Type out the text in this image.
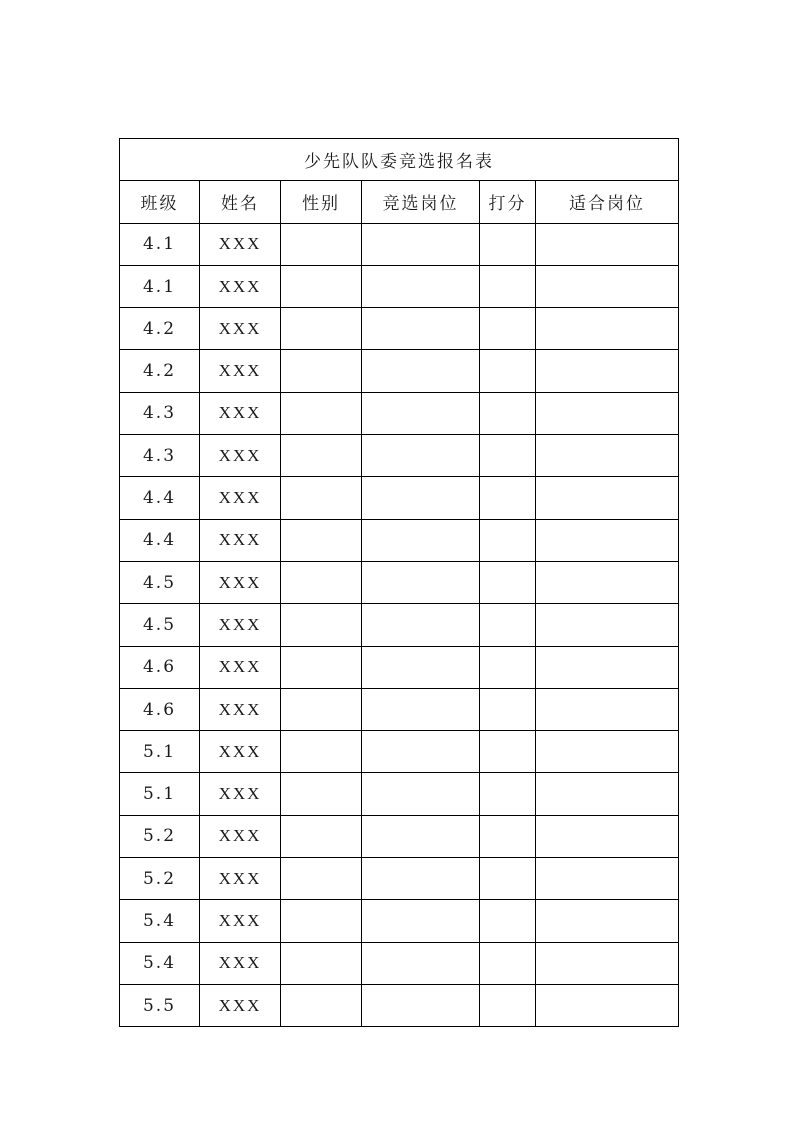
少先队队委竞选报名表					
班级	姓名	性别	竞选岗位	打分	适合岗位
4.1	XXX				
4.1	XXX				
4.2	XXX				
4.2	XXX				
4.3	XXX				
4.3	XXX				
4.4	XXX				
4.4	XXX				
4.5	XXX				
4.5	XXX				
4.6	XXX				
4.6	XXX				
5.1	XXX				
5.1	XXX				
5.2	XXX				
5.2	XXX				
5.4	XXX				
5.4	XXX				
5.5	XXX				
